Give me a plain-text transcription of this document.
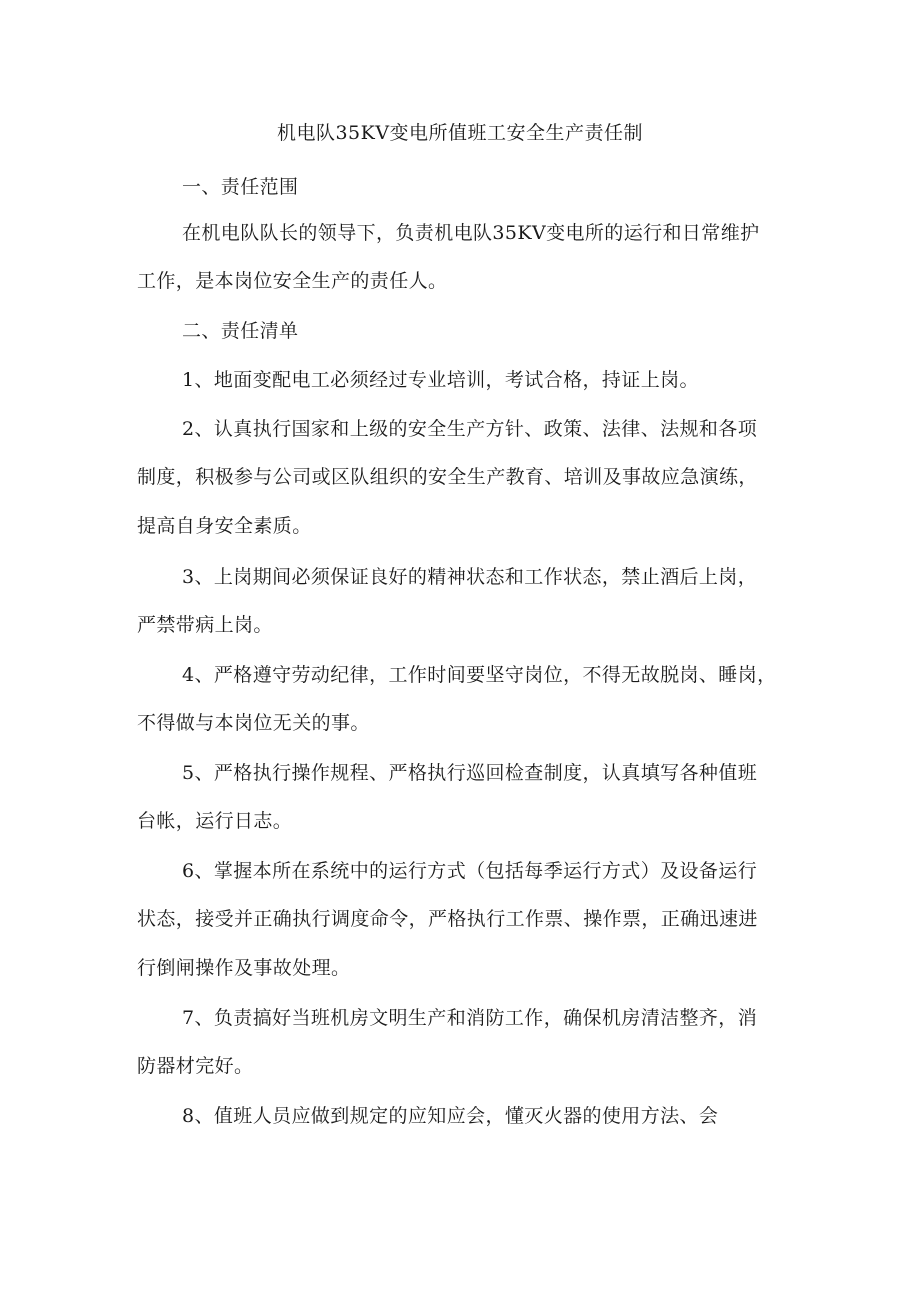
机电队35KV变电所值班工安全生产责任制
一、责任范围
在机电队队长的领导下，负责机电队35KV变电所的运行和日常维护
工作，是本岗位安全生产的责任人。
二、责任清单
1、地面变配电工必须经过专业培训，考试合格，持证上岗。
2、认真执行国家和上级的安全生产方针、政策、法律、法规和各项
制度，积极参与公司或区队组织的安全生产教育、培训及事故应急演练，
提高自身安全素质。
3、上岗期间必须保证良好的精神状态和工作状态，禁止酒后上岗，
严禁带病上岗。
4、严格遵守劳动纪律，工作时间要坚守岗位，不得无故脱岗、睡岗，
不得做与本岗位无关的事。
5、严格执行操作规程、严格执行巡回检查制度，认真填写各种值班
台帐，运行日志。
6、掌握本所在系统中的运行方式（包括每季运行方式）及设备运行
状态，接受并正确执行调度命令，严格执行工作票、操作票，正确迅速进
行倒闸操作及事故处理。
7、负责搞好当班机房文明生产和消防工作，确保机房清洁整齐，消
防器材完好。
8、值班人员应做到规定的应知应会，懂灭火器的使用方法、会
